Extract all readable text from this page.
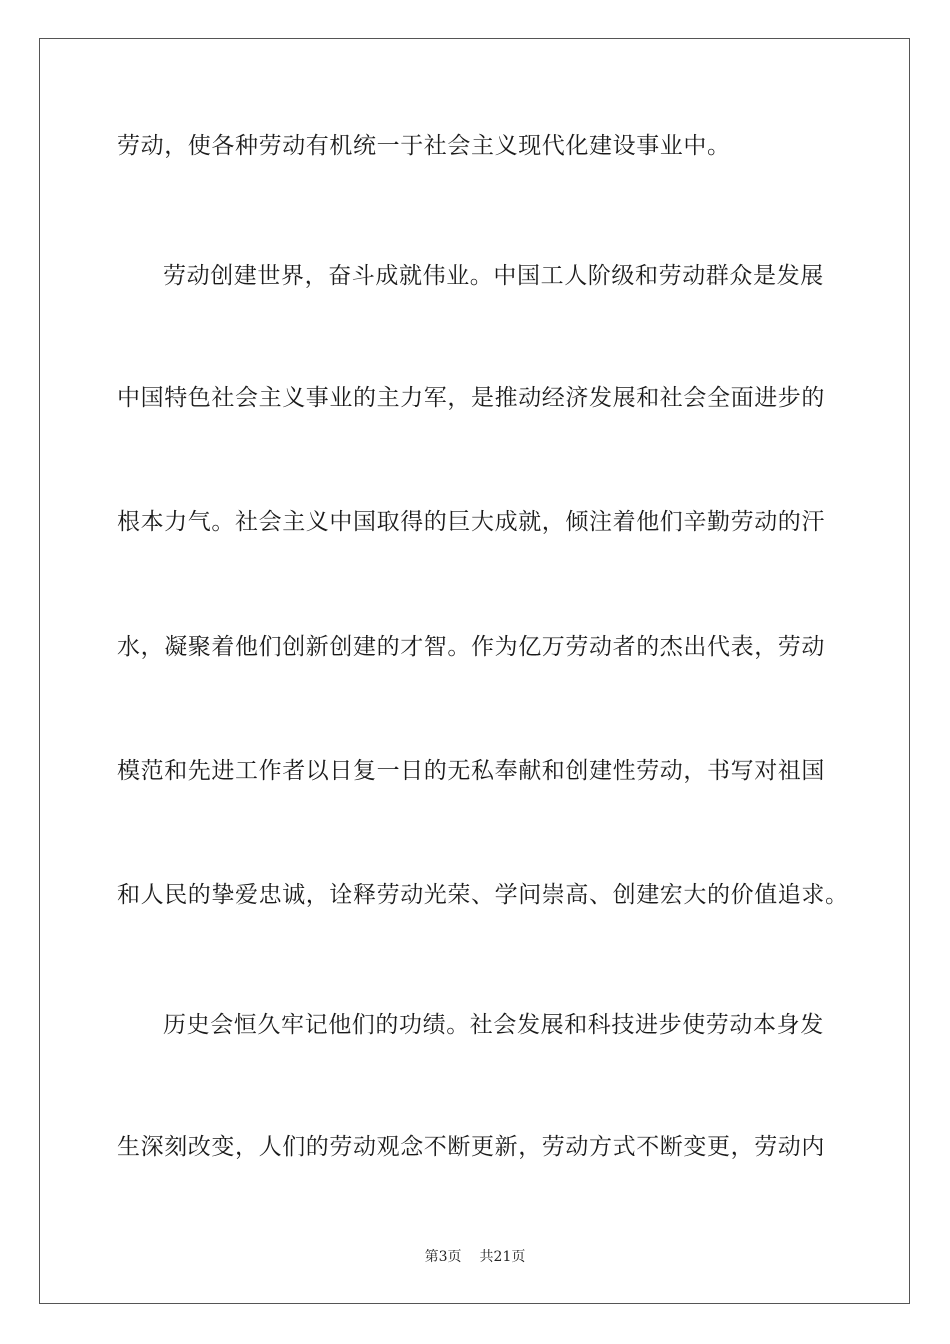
劳动，使各种劳动有机统一于社会主义现代化建设事业中。
劳动创建世界，奋斗成就伟业。中国工人阶级和劳动群众是发展
中国特色社会主义事业的主力军，是推动经济发展和社会全面进步的
根本力气。社会主义中国取得的巨大成就，倾注着他们辛勤劳动的汗
水，凝聚着他们创新创建的才智。作为亿万劳动者的杰出代表，劳动
模范和先进工作者以日复一日的无私奉献和创建性劳动，书写对祖国
和人民的挚爱忠诚，诠释劳动光荣、学问崇高、创建宏大的价值追求。
历史会恒久牢记他们的功绩。社会发展和科技进步使劳动本身发
生深刻改变，人们的劳动观念不断更新，劳动方式不断变更，劳动内
第3页 共21页
